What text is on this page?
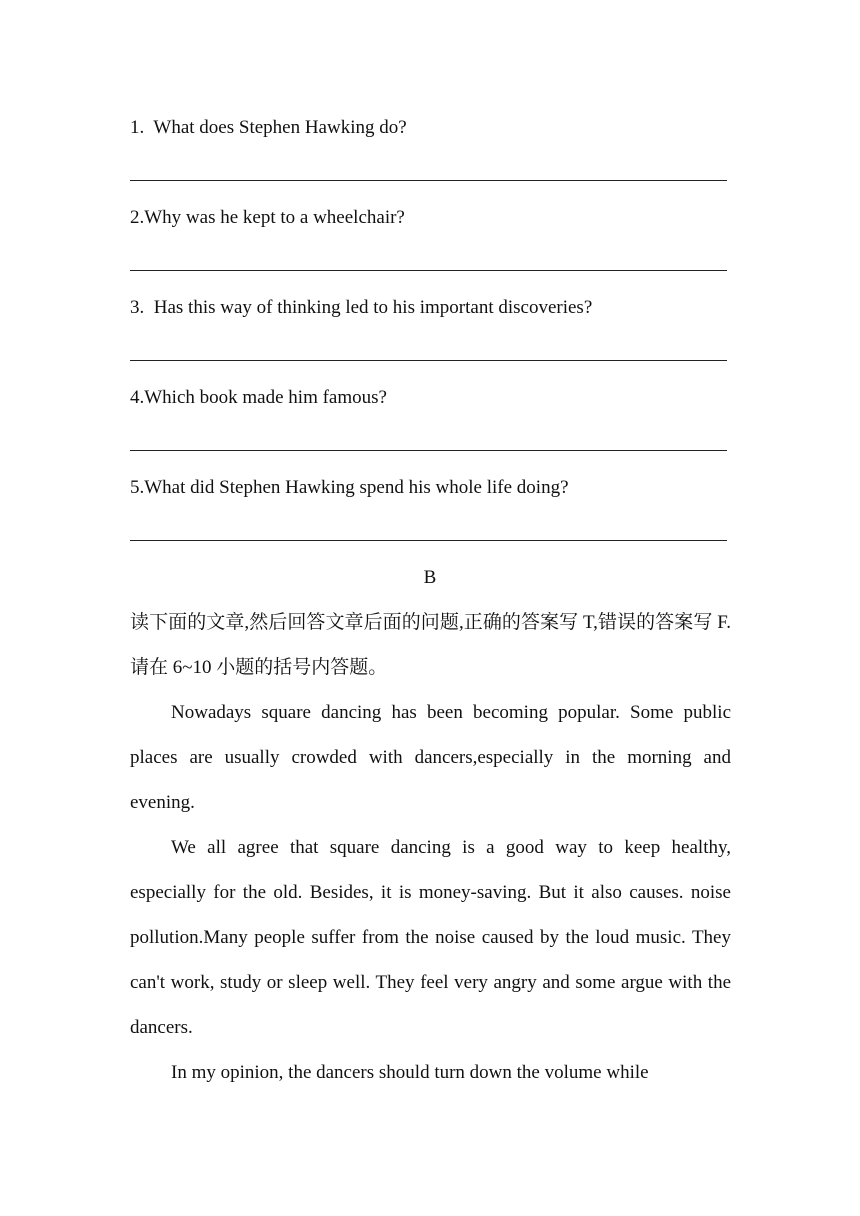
1.  What does Stephen Hawking do?
2.Why was he kept to a wheelchair?
3.  Has this way of thinking led to his important discoveries?
4.Which book made him famous?
5.What did Stephen Hawking spend his whole life doing?
B

读下面的文章,然后回答文章后面的问题,正确的答案写 T,错误的答案写 F.请在 6~10 小题的括号内答题。

Nowadays square dancing has been becoming popular. Some public places are usually crowded with dancers,especially in the morning and evening.

We all agree that square dancing is a good way to keep healthy, especially for the old. Besides, it is money-saving. But it also causes. noise pollution.Many people suffer from the noise caused by the loud music. They can't work, study or sleep well. They feel very angry and some argue with the dancers.

In my opinion, the dancers should turn down the volume while
